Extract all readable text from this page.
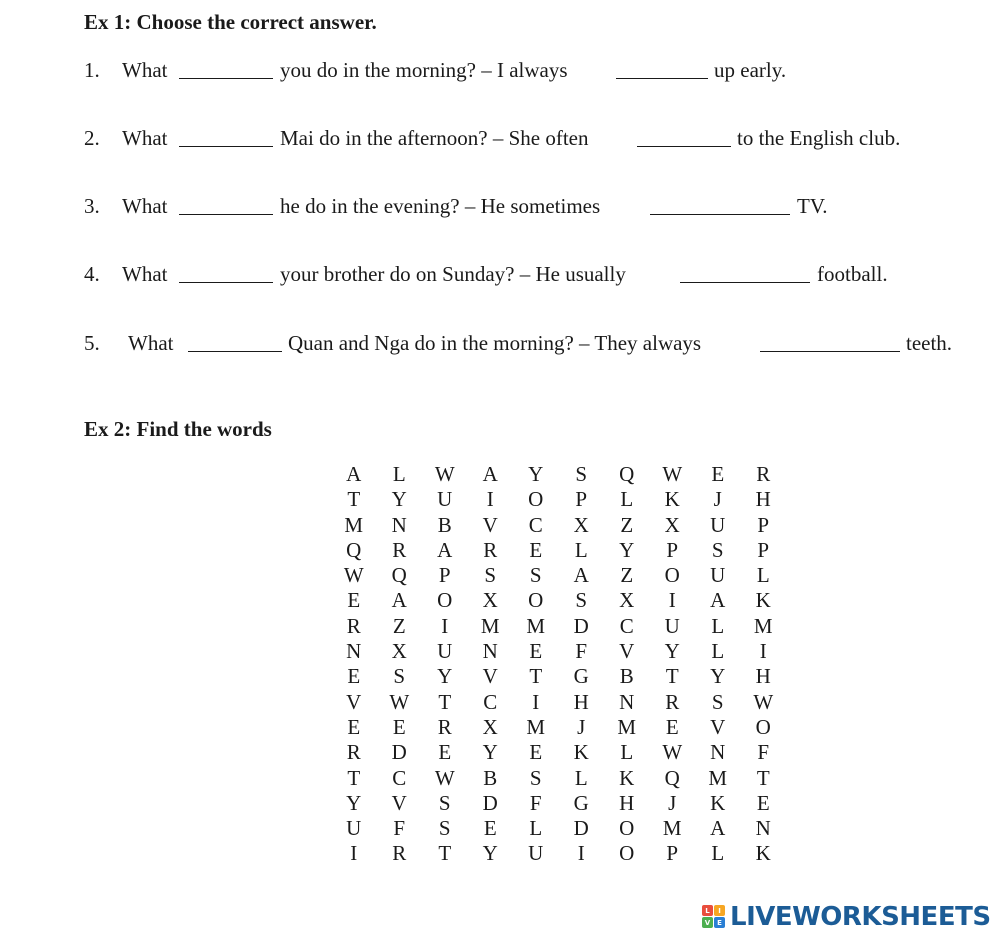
Ex 1: Choose the correct answer.
1. What	you do in the morning? – I always	up early.
2. What	Mai do in the afternoon? – She often	to the English club.
3. What	he do in the evening? – He sometimes	TV.
4. What	your brother do on Sunday? – He usually	football.
5. What	Quan and Nga do in the morning? – They always	teeth.
Ex 2: Find the words
A	L	W	A	Y	S	Q	W	E	R
T	Y	U	I	O	P	L	K	J	H
M	N	B	V	C	X	Z	X	U	P
Q	R	A	R	E	L	Y	P	S	P
W	Q	P	S	S	A	Z	O	U	L
E	A	O	X	O	S	X	I	A	K
R	Z	I	M	M	D	C	U	L	M
N	X	U	N	E	F	V	Y	L	I
E	S	Y	V	T	G	B	T	Y	H
V	W	T	C	I	H	N	R	S	W
E	E	R	X	M	J	M	E	V	O
R	D	E	Y	E	K	L	W	N	F
T	C	W	B	S	L	K	Q	M	T
Y	V	S	D	F	G	H	J	K	E
U	F	S	E	L	D	O	M	A	N
I	R	T	Y	U	I	O	P	L	K
L	I
V E LIVEWORKSHEETS
